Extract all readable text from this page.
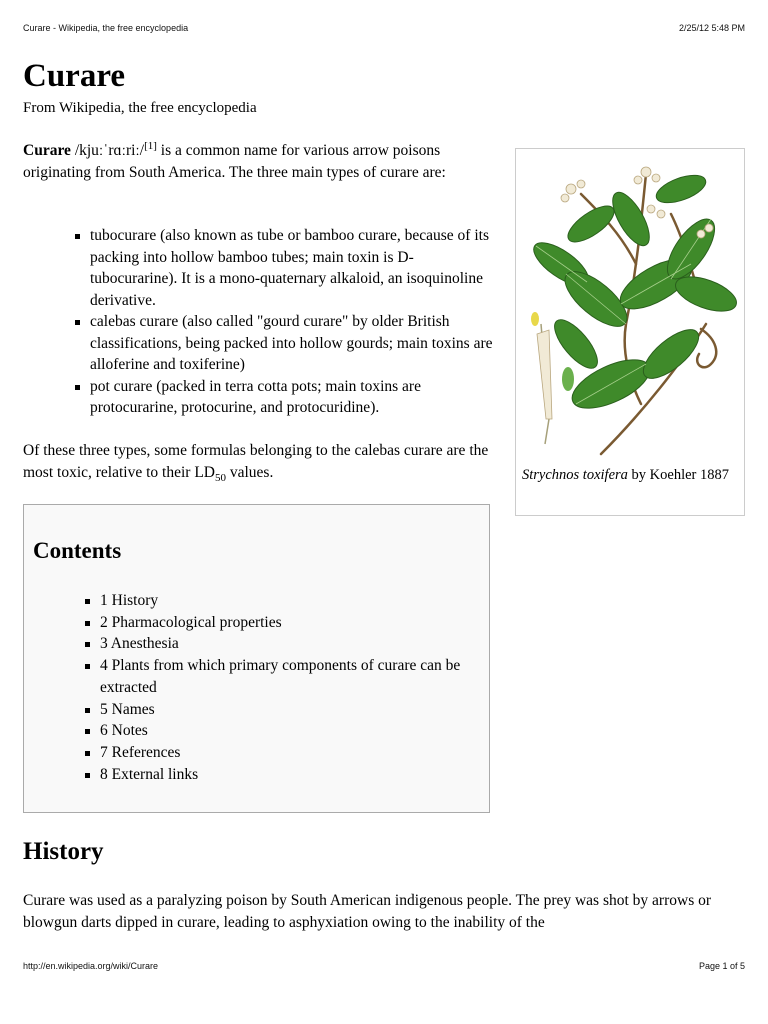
Curare - Wikipedia, the free encyclopedia	2/25/12 5:48 PM
Curare
From Wikipedia, the free encyclopedia

Curare /kjuːˈrɑːriː/[1] is a common name for various arrow poisons originating from South America. The three main types of curare are:

tubocurare (also known as tube or bamboo curare, because of its packing into hollow bamboo tubes; main toxin is D-tubocurarine). It is a mono-quaternary alkaloid, an isoquinoline derivative.
calebas curare (also called "gourd curare" by older British classifications, being packed into hollow gourds; main toxins are alloferine and toxiferine)
pot curare (packed in terra cotta pots; main toxins are protocurarine, protocurine, and protocuridine).

Of these three types, some formulas belonging to the calebas curare are the most toxic, relative to their $LD_{50}$ values.	Strychnos toxifera by Koehler 1887
Contents
1 History
2 Pharmacological properties
3 Anesthesia
4 Plants from which primary components of curare can be extracted
5 Names
6 Notes
7 References
8 External links
History

Curare was used as a paralyzing poison by South American indigenous people. The prey was shot by arrows or blowgun darts dipped in curare, leading to asphyxiation owing to the inability of the

http://en.wikipedia.org/wiki/Curare	Page 1 of 5
